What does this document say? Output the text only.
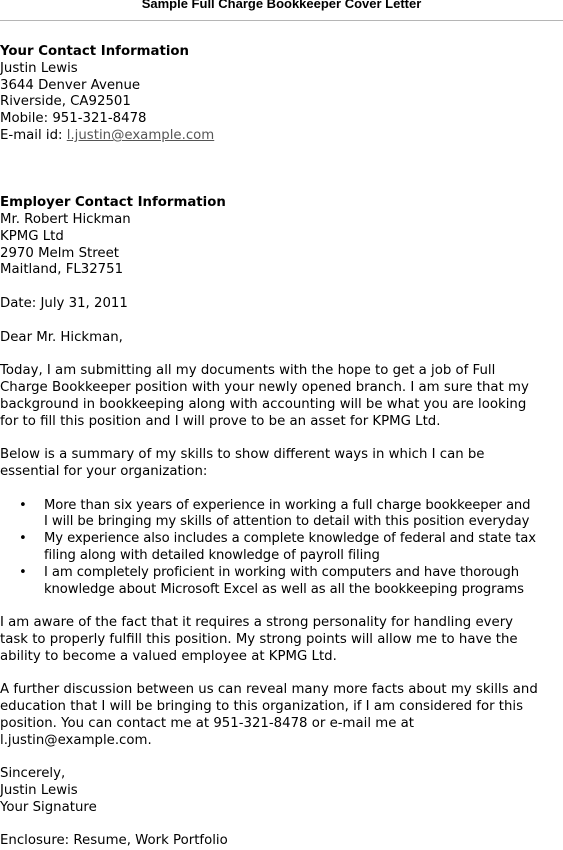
Sample Full Charge Bookkeeper Cover Letter

Your Contact Information

Justin Lewis

3644 Denver Avenue

Riverside, CA92501

Mobile: 951-321-8478

E-mail id: l.justin@example.com

Employer Contact Information

Mr. Robert Hickman

KPMG Ltd

2970 Melm Street

Maitland, FL32751

Date: July 31, 2011

Dear Mr. Hickman,

Today, I am submitting all my documents with the hope to get a job of Full

Charge Bookkeeper position with your newly opened branch. I am sure that my

background in bookkeeping along with accounting will be what you are looking

for to fill this position and I will prove to be an asset for KPMG Ltd.

Below is a summary of my skills to show different ways in which I can be

essential for your organization:

• More than six years of experience in working a full charge bookkeeper and
I will be bringing my skills of attention to detail with this position everyday
• My experience also includes a complete knowledge of federal and state tax
filing along with detailed knowledge of payroll filing
• I am completely proficient in working with computers and have thorough
knowledge about Microsoft Excel as well as all the bookkeeping programs

I am aware of the fact that it requires a strong personality for handling every

task to properly fulfill this position. My strong points will allow me to have the

ability to become a valued employee at KPMG Ltd.

A further discussion between us can reveal many more facts about my skills and

education that I will be bringing to this organization, if I am considered for this

position. You can contact me at 951-321-8478 or e-mail me at

l.justin@example.com.

Sincerely,

Justin Lewis

Your Signature

Enclosure: Resume, Work Portfolio
